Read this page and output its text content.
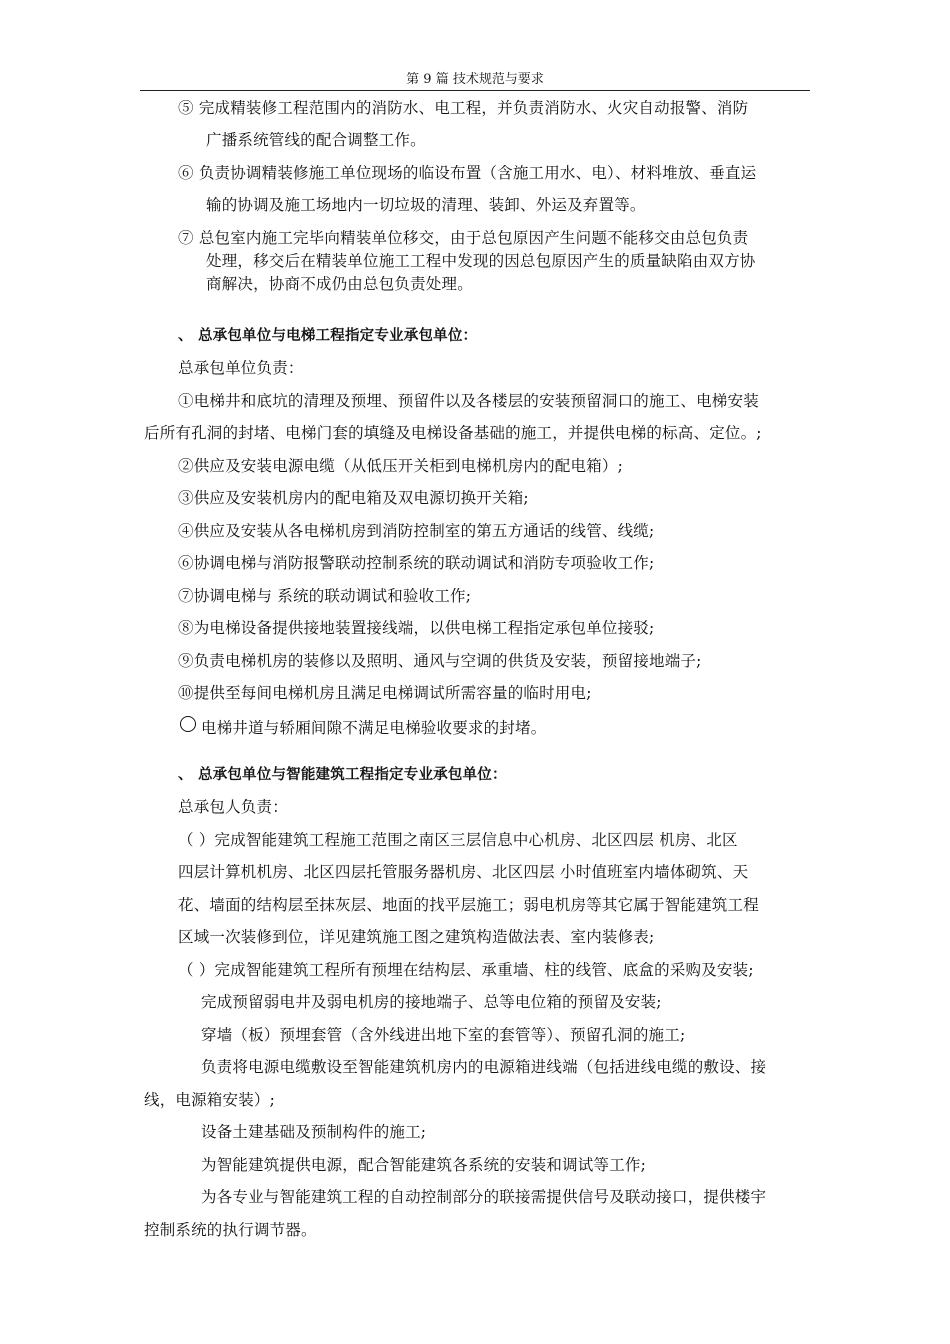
第 9 篇 技术规范与要求
⑤ 完成精装修工程范围内的消防水、电工程，并负责消防水、火灾自动报警、消防
广播系统管线的配合调整工作。
⑥ 负责协调精装修施工单位现场的临设布置（含施工用水、电）、材料堆放、垂直运
输的协调及施工场地内一切垃圾的清理、装卸、外运及弃置等。
⑦ 总包室内施工完毕向精装单位移交，由于总包原因产生问题不能移交由总包负责
处理，移交后在精装单位施工工程中发现的因总包原因产生的质量缺陷由双方协
商解决，协商不成仍由总包负责处理。
、 总承包单位与电梯工程指定专业承包单位：
总承包单位负责：
①电梯井和底坑的清理及预埋、预留件以及各楼层的安装预留洞口的施工、电梯安装
后所有孔洞的封堵、电梯门套的填缝及电梯设备基础的施工，并提供电梯的标高、定位。;
②供应及安装电源电缆（从低压开关柜到电梯机房内的配电箱）;
③供应及安装机房内的配电箱及双电源切换开关箱;
④供应及安装从各电梯机房到消防控制室的第五方通话的线管、线缆;
⑥协调电梯与消防报警联动控制系统的联动调试和消防专项验收工作;
⑦协调电梯与 系统的联动调试和验收工作;
⑧为电梯设备提供接地装置接线端，以供电梯工程指定承包单位接驳;
⑨负责电梯机房的装修以及照明、通风与空调的供货及安装，预留接地端子;
⑩提供至每间电梯机房且满足电梯调试所需容量的临时用电;
电梯井道与轿厢间隙不满足电梯验收要求的封堵。
、 总承包单位与智能建筑工程指定专业承包单位：
总承包人负责：
（ ）完成智能建筑工程施工范围之南区三层信息中心机房、北区四层 机房、北区
四层计算机机房、北区四层托管服务器机房、北区四层 小时值班室内墙体砌筑、天
花、墙面的结构层至抹灰层、地面的找平层施工；弱电机房等其它属于智能建筑工程
区域一次装修到位，详见建筑施工图之建筑构造做法表、室内装修表;
（ ）完成智能建筑工程所有预埋在结构层、承重墙、柱的线管、底盒的采购及安装;
完成预留弱电井及弱电机房的接地端子、总等电位箱的预留及安装;
穿墙（板）预埋套管（含外线进出地下室的套管等）、预留孔洞的施工;
负责将电源电缆敷设至智能建筑机房内的电源箱进线端（包括进线电缆的敷设、接
线，电源箱安装）;
设备土建基础及预制构件的施工;
为智能建筑提供电源，配合智能建筑各系统的安装和调试等工作;
为各专业与智能建筑工程的自动控制部分的联接需提供信号及联动接口，提供楼宇
控制系统的执行调节器。
